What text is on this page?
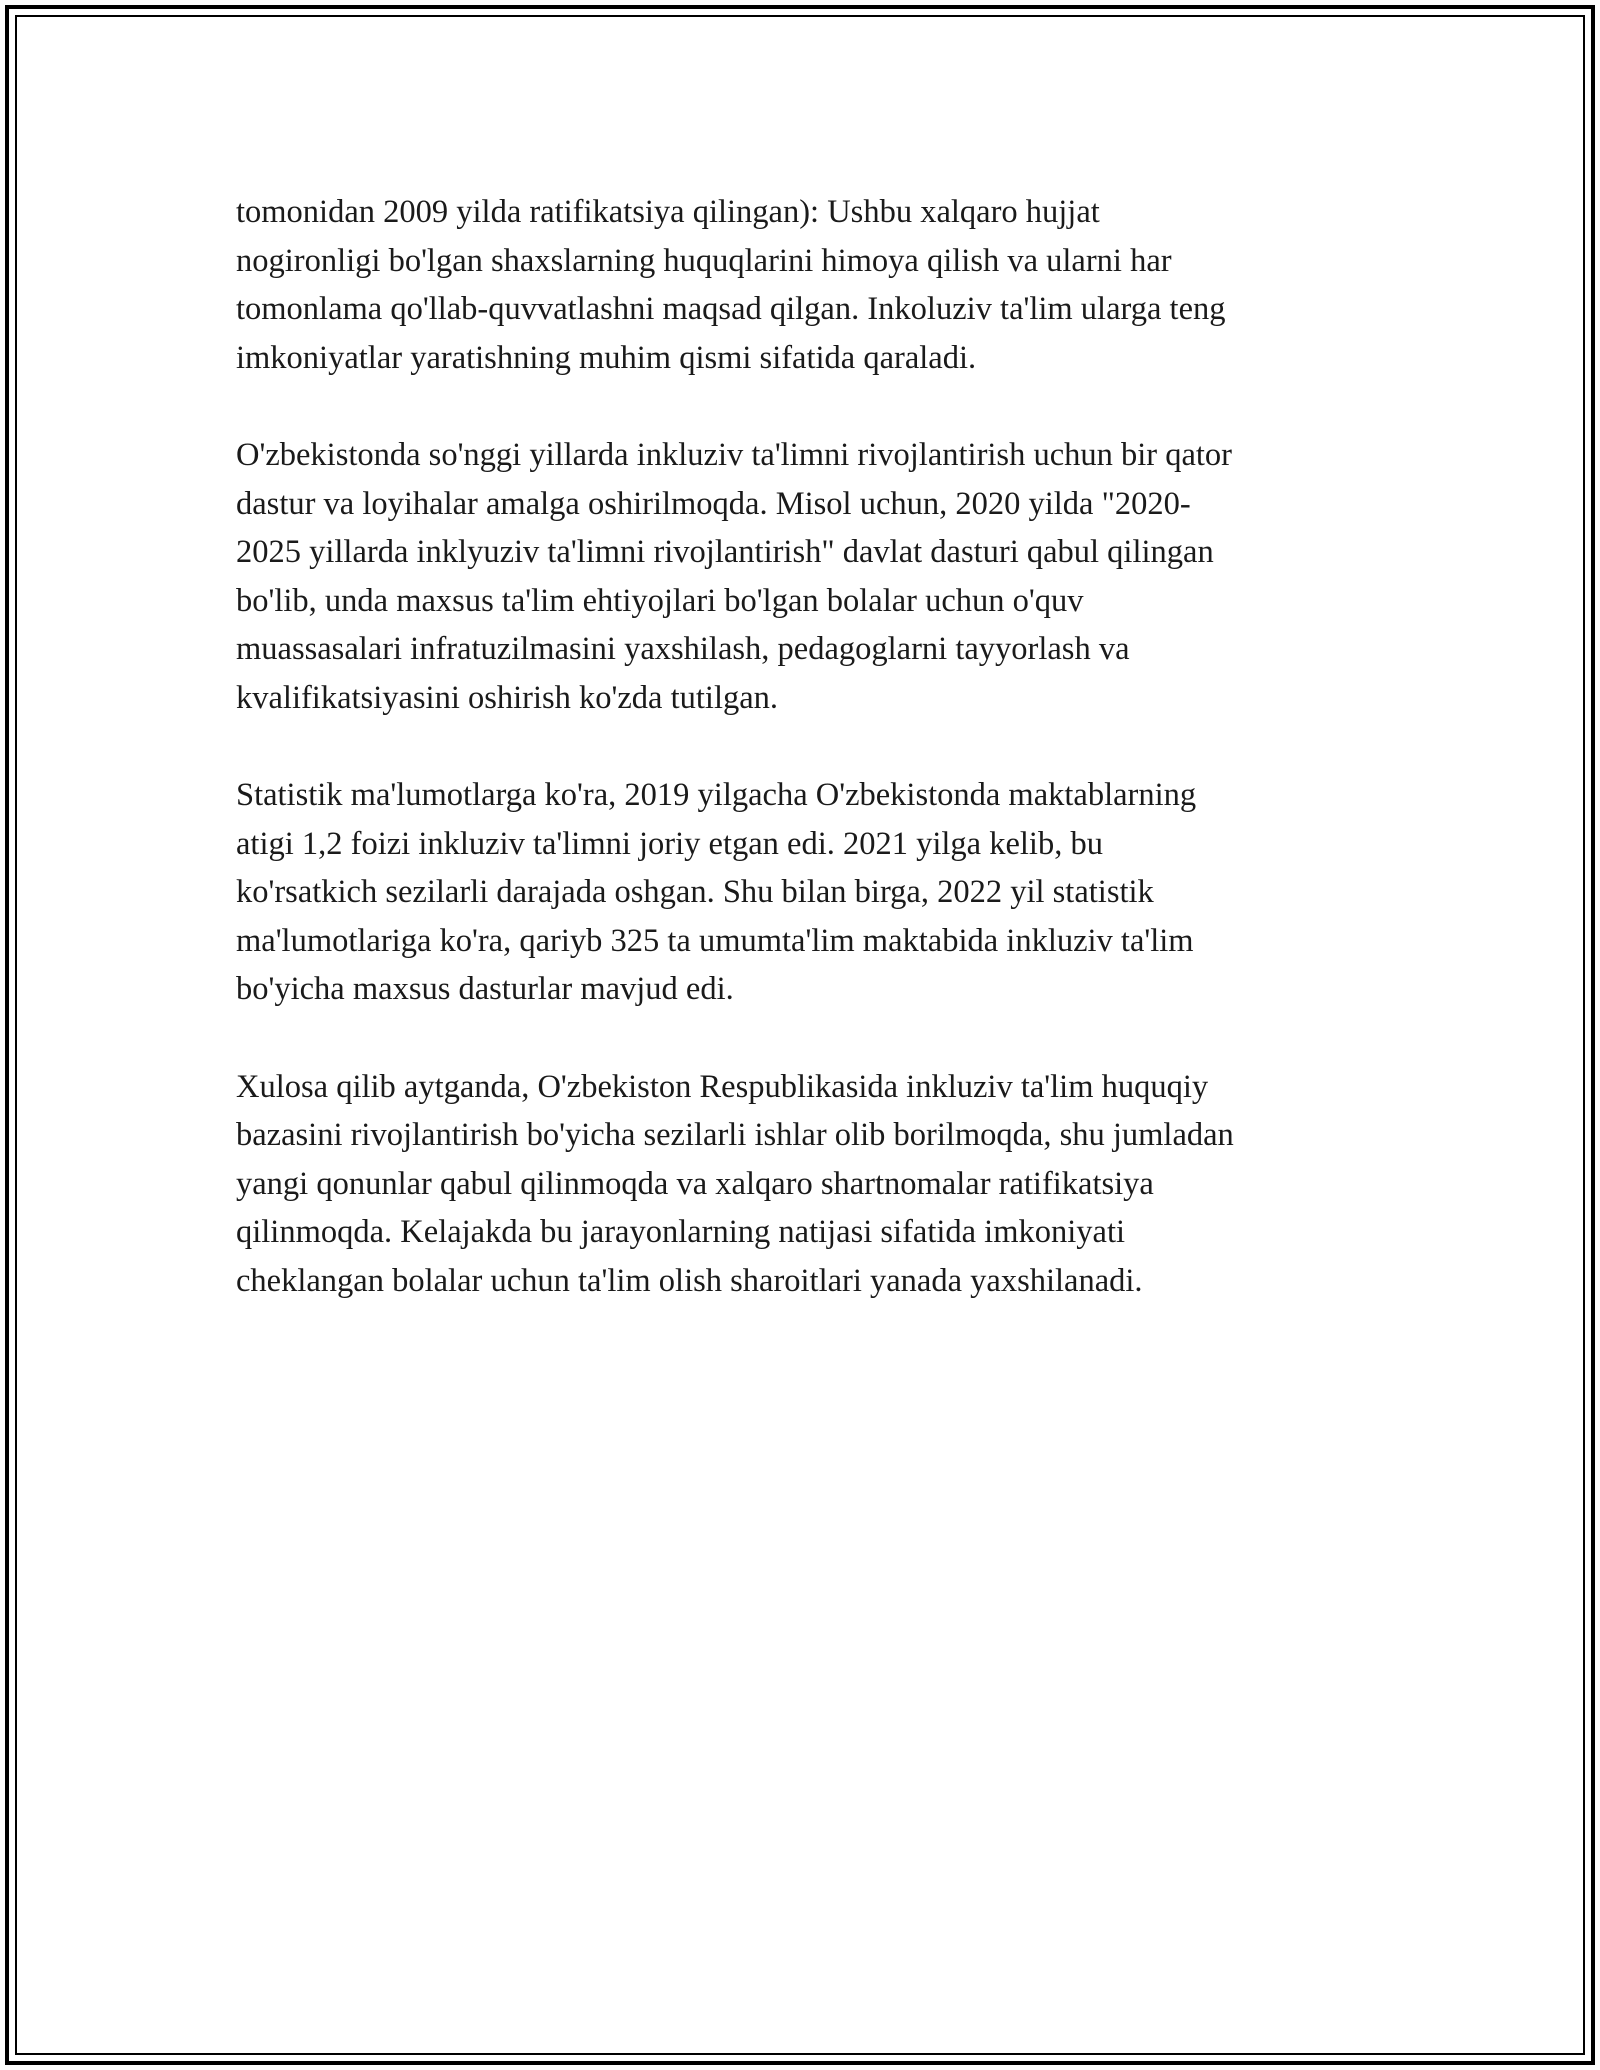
tomonidan 2009 yilda ratifikatsiya qilingan): Ushbu xalqaro hujjat
nogironligi bo'lgan shaxslarning huquqlarini himoya qilish va ularni har
tomonlama qo'llab-quvvatlashni maqsad qilgan. Inkoluziv ta'lim ularga teng
imkoniyatlar yaratishning muhim qismi sifatida qaraladi.

O'zbekistonda so'nggi yillarda inkluziv ta'limni rivojlantirish uchun bir qator
dastur va loyihalar amalga oshirilmoqda. Misol uchun, 2020 yilda "2020-
2025 yillarda inklyuziv ta'limni rivojlantirish" davlat dasturi qabul qilingan
bo'lib, unda maxsus ta'lim ehtiyojlari bo'lgan bolalar uchun o'quv
muassasalari infratuzilmasini yaxshilash, pedagoglarni tayyorlash va
kvalifikatsiyasini oshirish ko'zda tutilgan.

Statistik ma'lumotlarga ko'ra, 2019 yilgacha O'zbekistonda maktablarning
atigi 1,2 foizi inkluziv ta'limni joriy etgan edi. 2021 yilga kelib, bu
ko'rsatkich sezilarli darajada oshgan. Shu bilan birga, 2022 yil statistik
ma'lumotlariga ko'ra, qariyb 325 ta umumta'lim maktabida inkluziv ta'lim
bo'yicha maxsus dasturlar mavjud edi.

Xulosa qilib aytganda, O'zbekiston Respublikasida inkluziv ta'lim huquqiy
bazasini rivojlantirish bo'yicha sezilarli ishlar olib borilmoqda, shu jumladan
yangi qonunlar qabul qilinmoqda va xalqaro shartnomalar ratifikatsiya
qilinmoqda. Kelajakda bu jarayonlarning natijasi sifatida imkoniyati
cheklangan bolalar uchun ta'lim olish sharoitlari yanada yaxshilanadi.
